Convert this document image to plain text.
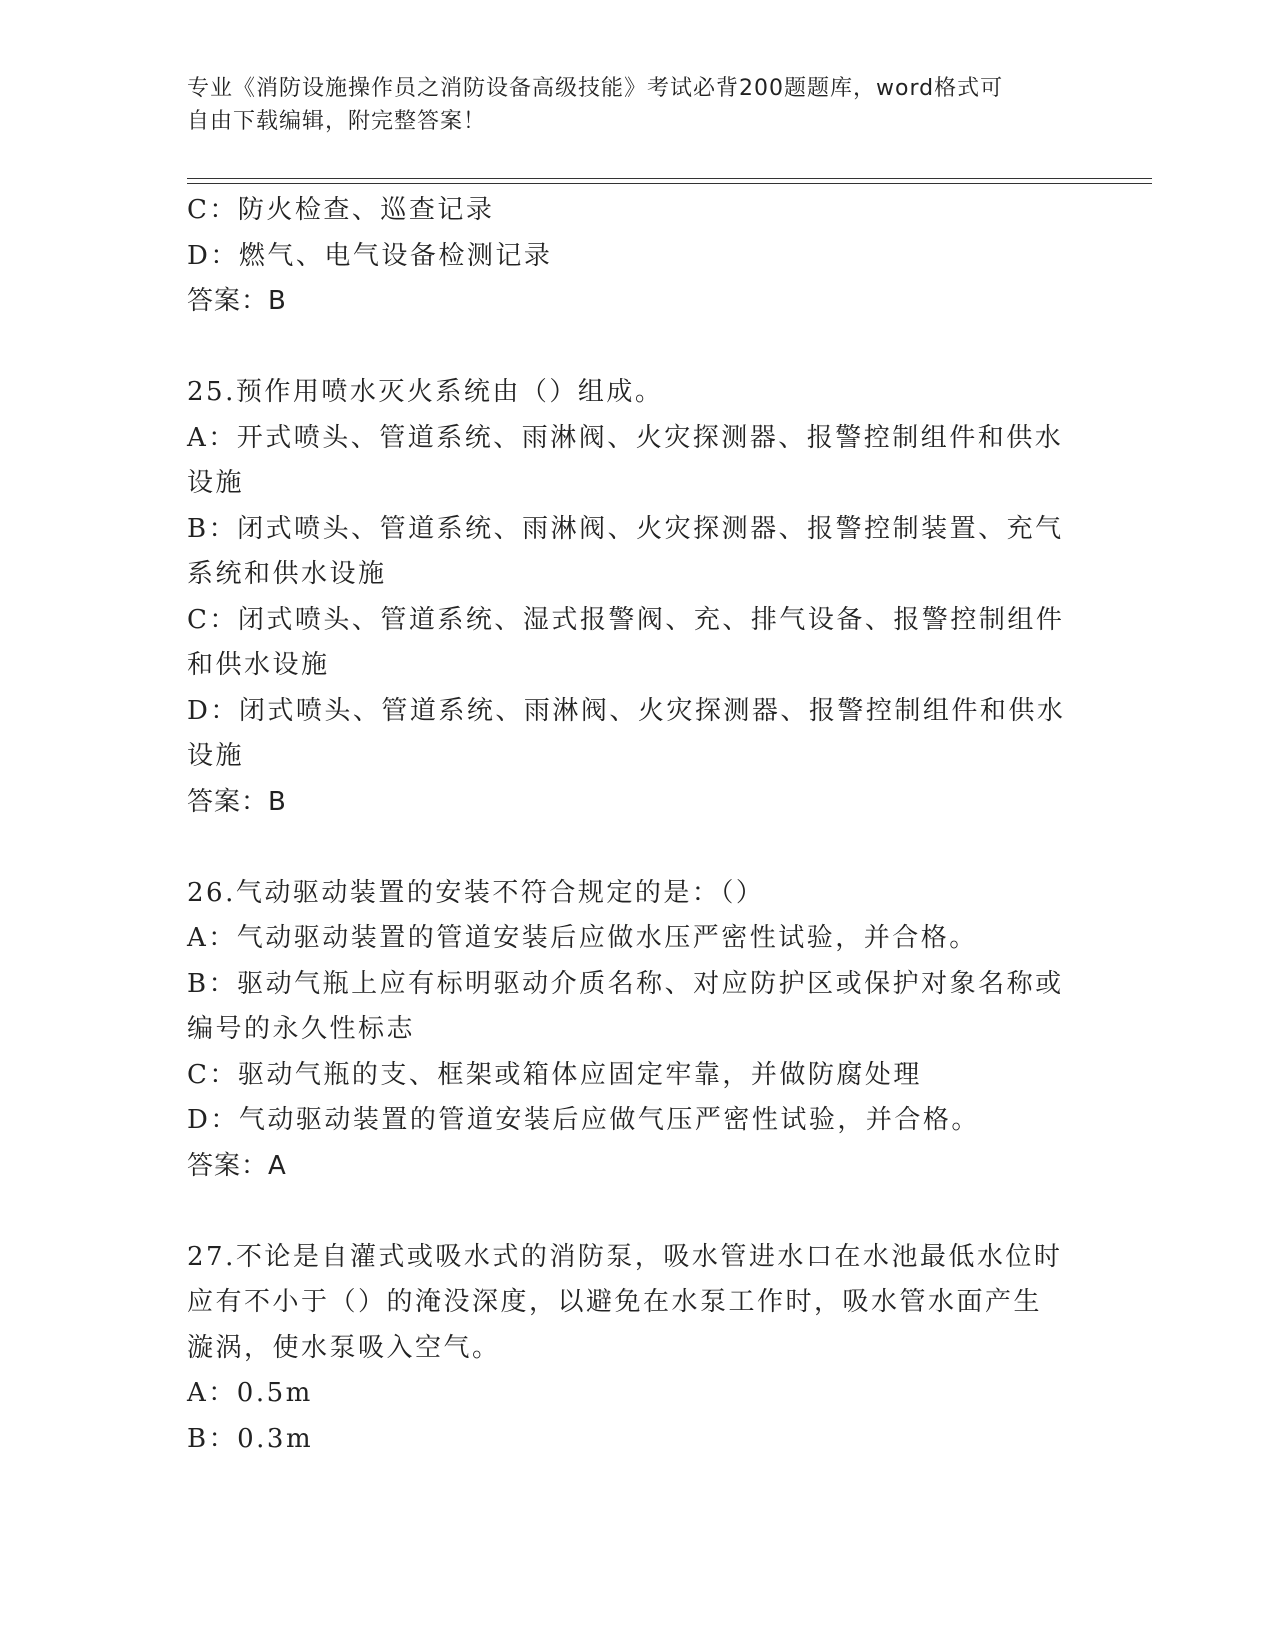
专业《消防设施操作员之消防设备高级技能》考试必背200题题库，word格式可
自由下载编辑，附完整答案！
C：防火检查、巡查记录
D：燃气、电气设备检测记录
答案：B
25.预作用喷水灭火系统由（）组成。
A：开式喷头、管道系统、雨淋阀、火灾探测器、报警控制组件和供水
设施
B：闭式喷头、管道系统、雨淋阀、火灾探测器、报警控制装置、充气
系统和供水设施
C：闭式喷头、管道系统、湿式报警阀、充、排气设备、报警控制组件
和供水设施
D：闭式喷头、管道系统、雨淋阀、火灾探测器、报警控制组件和供水
设施
答案：B
26.气动驱动装置的安装不符合规定的是：（）
A：气动驱动装置的管道安装后应做水压严密性试验，并合格。
B：驱动气瓶上应有标明驱动介质名称、对应防护区或保护对象名称或
编号的永久性标志
C：驱动气瓶的支、框架或箱体应固定牢靠，并做防腐处理
D：气动驱动装置的管道安装后应做气压严密性试验，并合格。
答案：A
27.不论是自灌式或吸水式的消防泵，吸水管进水口在水池最低水位时
应有不小于（）的淹没深度，以避免在水泵工作时，吸水管水面产生
漩涡，使水泵吸入空气。
A：0.5m
B：0.3m
